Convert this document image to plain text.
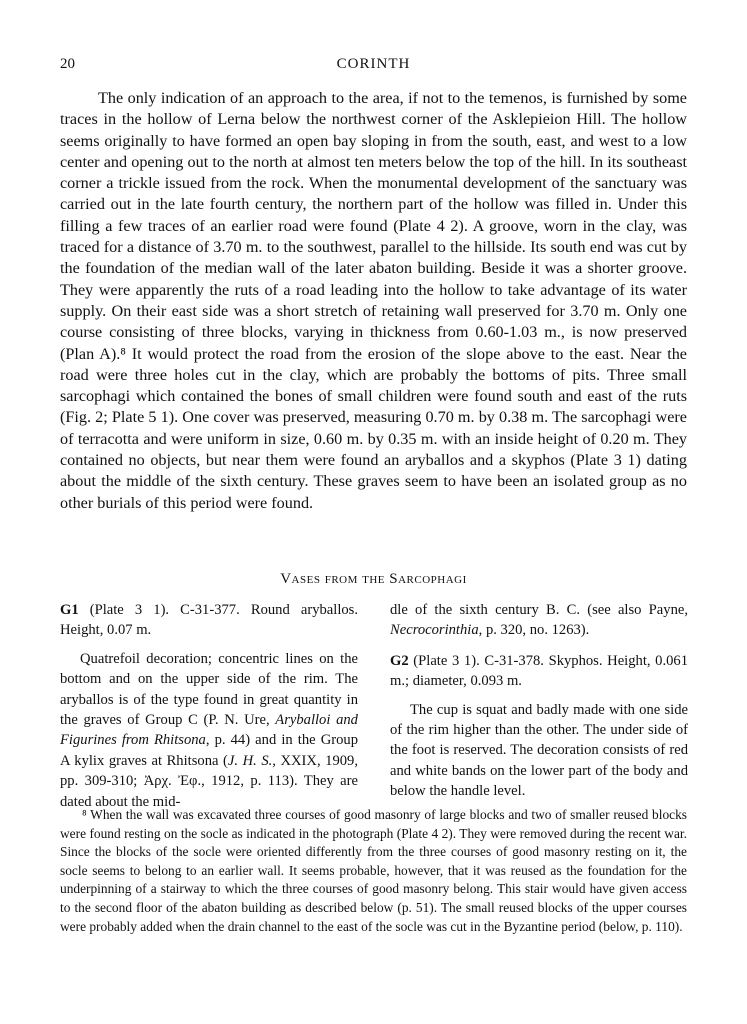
20	CORINTH

The only indication of an approach to the area, if not to the temenos, is furnished by some traces in the hollow of Lerna below the northwest corner of the Asklepieion Hill. The hollow seems originally to have formed an open bay sloping in from the south, east, and west to a low center and opening out to the north at almost ten meters below the top of the hill. In its southeast corner a trickle issued from the rock. When the monumental development of the sanctuary was carried out in the late fourth century, the northern part of the hollow was filled in. Under this filling a few traces of an earlier road were found (Plate 4 2). A groove, worn in the clay, was traced for a distance of 3.70 m. to the southwest, parallel to the hillside. Its south end was cut by the foundation of the median wall of the later abaton building. Beside it was a shorter groove. They were apparently the ruts of a road leading into the hollow to take advantage of its water supply. On their east side was a short stretch of retaining wall preserved for 3.70 m. Only one course consisting of three blocks, varying in thickness from 0.60-1.03 m., is now preserved (Plan A).⁸ It would protect the road from the erosion of the slope above to the east. Near the road were three holes cut in the clay, which are probably the bottoms of pits. Three small sarcophagi which contained the bones of small children were found south and east of the ruts (Fig. 2; Plate 5 1). One cover was preserved, measuring 0.70 m. by 0.38 m. The sarcophagi were of terracotta and were uniform in size, 0.60 m. by 0.35 m. with an inside height of 0.20 m. They contained no objects, but near them were found an aryballos and a skyphos (Plate 3 1) dating about the middle of the sixth century. These graves seem to have been an isolated group as no other burials of this period were found.

Vases from the Sarcophagi

G1 (Plate 3 1). C-31-377. Round aryballos. Height, 0.07 m.

Quatrefoil decoration; concentric lines on the bottom and on the upper side of the rim. The aryballos is of the type found in great quantity in the graves of Group C (P. N. Ure, Aryballoi and Figurines from Rhitsona, p. 44) and in the Group A kylix graves at Rhitsona (J. H. S., XXIX, 1909, pp. 309-310; Ἀρχ. Ἐφ., 1912, p. 113). They are dated about the mid-

dle of the sixth century B. C. (see also Payne, Necrocorinthia, p. 320, no. 1263).

G2 (Plate 3 1). C-31-378. Skyphos. Height, 0.061 m.; diameter, 0.093 m.

The cup is squat and badly made with one side of the rim higher than the other. The under side of the foot is reserved. The decoration consists of red and white bands on the lower part of the body and below the handle level.

⁸ When the wall was excavated three courses of good masonry of large blocks and two of smaller reused blocks were found resting on the socle as indicated in the photograph (Plate 4 2). They were removed during the recent war. Since the blocks of the socle were oriented differently from the three courses of good masonry resting on it, the socle seems to belong to an earlier wall. It seems probable, however, that it was reused as the foundation for the underpinning of a stairway to which the three courses of good masonry belong. This stair would have given access to the second floor of the abaton building as described below (p. 51). The small reused blocks of the upper courses were probably added when the drain channel to the east of the socle was cut in the Byzantine period (below, p. 110).
